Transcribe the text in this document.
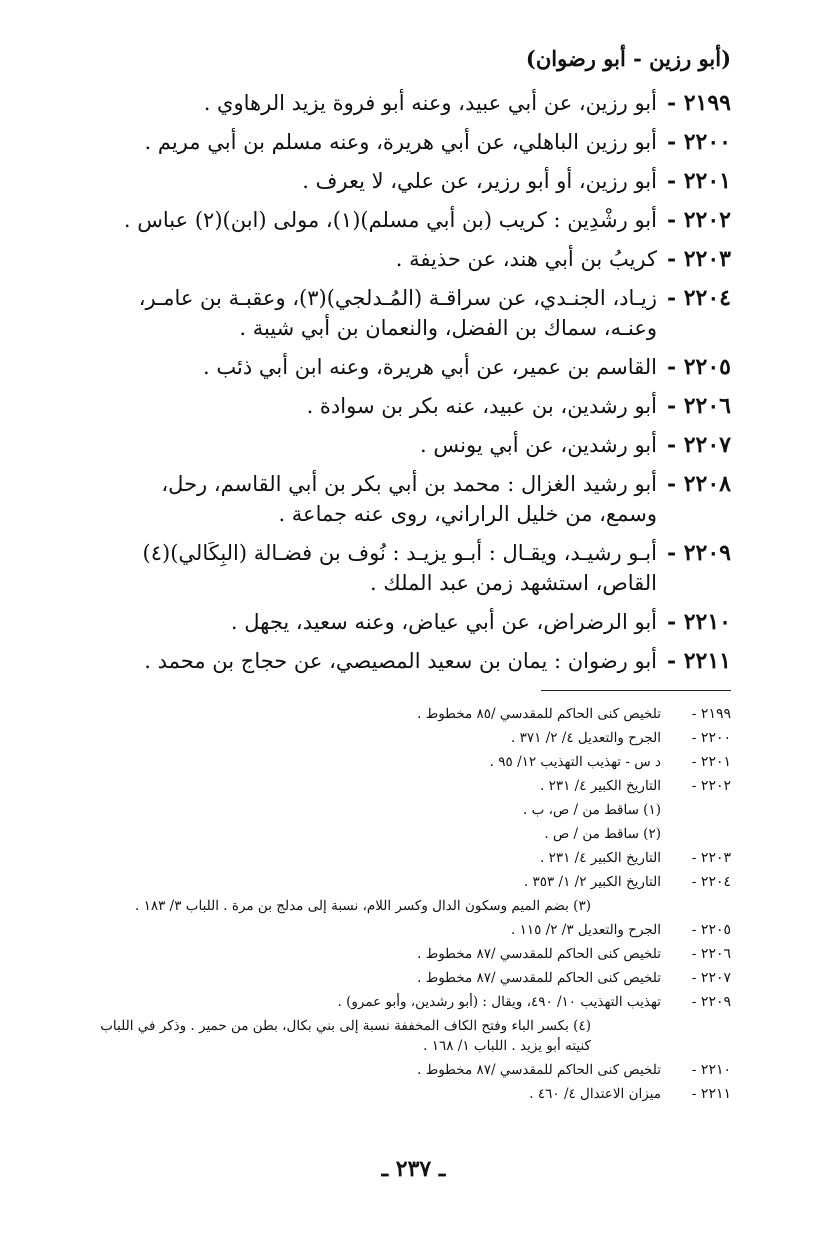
(أبو رزين - أبو رضوان)
٢١٩٩ -
أبو رزين، عن أبي عبيد، وعنه أبو فروة يزيد الرهاوي .
٢٢٠٠ -
أبو رزين الباهلي، عن أبي هريرة، وعنه مسلم بن أبي مريم .
٢٢٠١ -
أبو رزين، أو أبو رزير، عن علي، لا يعرف .
٢٢٠٢ -
أبو رشْدِين : كريب (بن أبي مسلم)(١)، مولى (ابن)(٢) عباس .
٢٢٠٣ -
كريبُ بن أبي هند، عن حذيفة .
٢٢٠٤ -
زيـاد، الجنـدي، عن سراقـة (المُـدلجي)(٣)، وعقبـة بن عامـر، وعنـه، سماك بن الفضل، والنعمان بن أبي شيبة .
٢٢٠٥ -
القاسم بن عمير، عن أبي هريرة، وعنه ابن أبي ذئب .
٢٢٠٦ -
أبو رشدين، بن عبيد، عنه بكر بن سوادة .
٢٢٠٧ -
أبو رشدين، عن أبي يونس .
٢٢٠٨ -
أبو رشيد الغزال : محمد بن أبي بكر بن أبي القاسم، رحل، وسمع، من خليل الراراني، روى عنه جماعة .
٢٢٠٩ -
أبـو رشيـد، ويقـال : أبـو يزيـد : نُوف بن فضـالة (البِكَالي)(٤) القاص، استشهد زمن عبد الملك .
٢٢١٠ -
أبو الرضراض، عن أبي عياض، وعنه سعيد، يجهل .
٢٢١١ -
أبو رضوان : يمان بن سعيد المصيصي، عن حجاج بن محمد .
٢١٩٩ -
تلخيص كنى الحاكم للمقدسي /٨٥ مخطوط .
٢٢٠٠ -
الجرح والتعديل ٤/ ٢/ ٣٧١ .
٢٢٠١ -
د س - تهذيب التهذيب ١٢/ ٩٥ .
٢٢٠٢ -
التاريخ الكبير ٤/ ٢٣١ .
(١) ساقط من / ص، ب .
(٢) ساقط من / ص .
٢٢٠٣ -
التاريخ الكبير ٤/ ٢٣١ .
٢٢٠٤ -
التاريخ الكبير ٢/ ١/ ٣٥٣ .
(٣) بضم الميم وسكون الدال وكسر اللام، نسبة إلى مدلج بن مرة . اللباب ٣/ ١٨٣ .
٢٢٠٥ -
الجرح والتعديل ٣/ ٢/ ١١٥ .
٢٢٠٦ -
تلخيص كنى الحاكم للمقدسي /٨٧ مخطوط .
٢٢٠٧ -
تلخيص كنى الحاكم للمقدسي /٨٧ مخطوط .
٢٢٠٩ -
تهذيب التهذيب ١٠/ ٤٩٠، ويقال : (أبو رشدين، وأبو عمرو) .
(٤) بكسر الباء وفتح الكاف المخففة نسبة إلى بني بكال، بطن من حمير . وذكر في اللباب كنيته أبو يزيد . اللباب ١/ ١٦٨ .
٢٢١٠ -
تلخيص كنى الحاكم للمقدسي /٨٧ مخطوط .
٢٢١١ -
ميزان الاعتدال ٤/ ٤٦٠ .
ـ ٢٣٧ ـ
